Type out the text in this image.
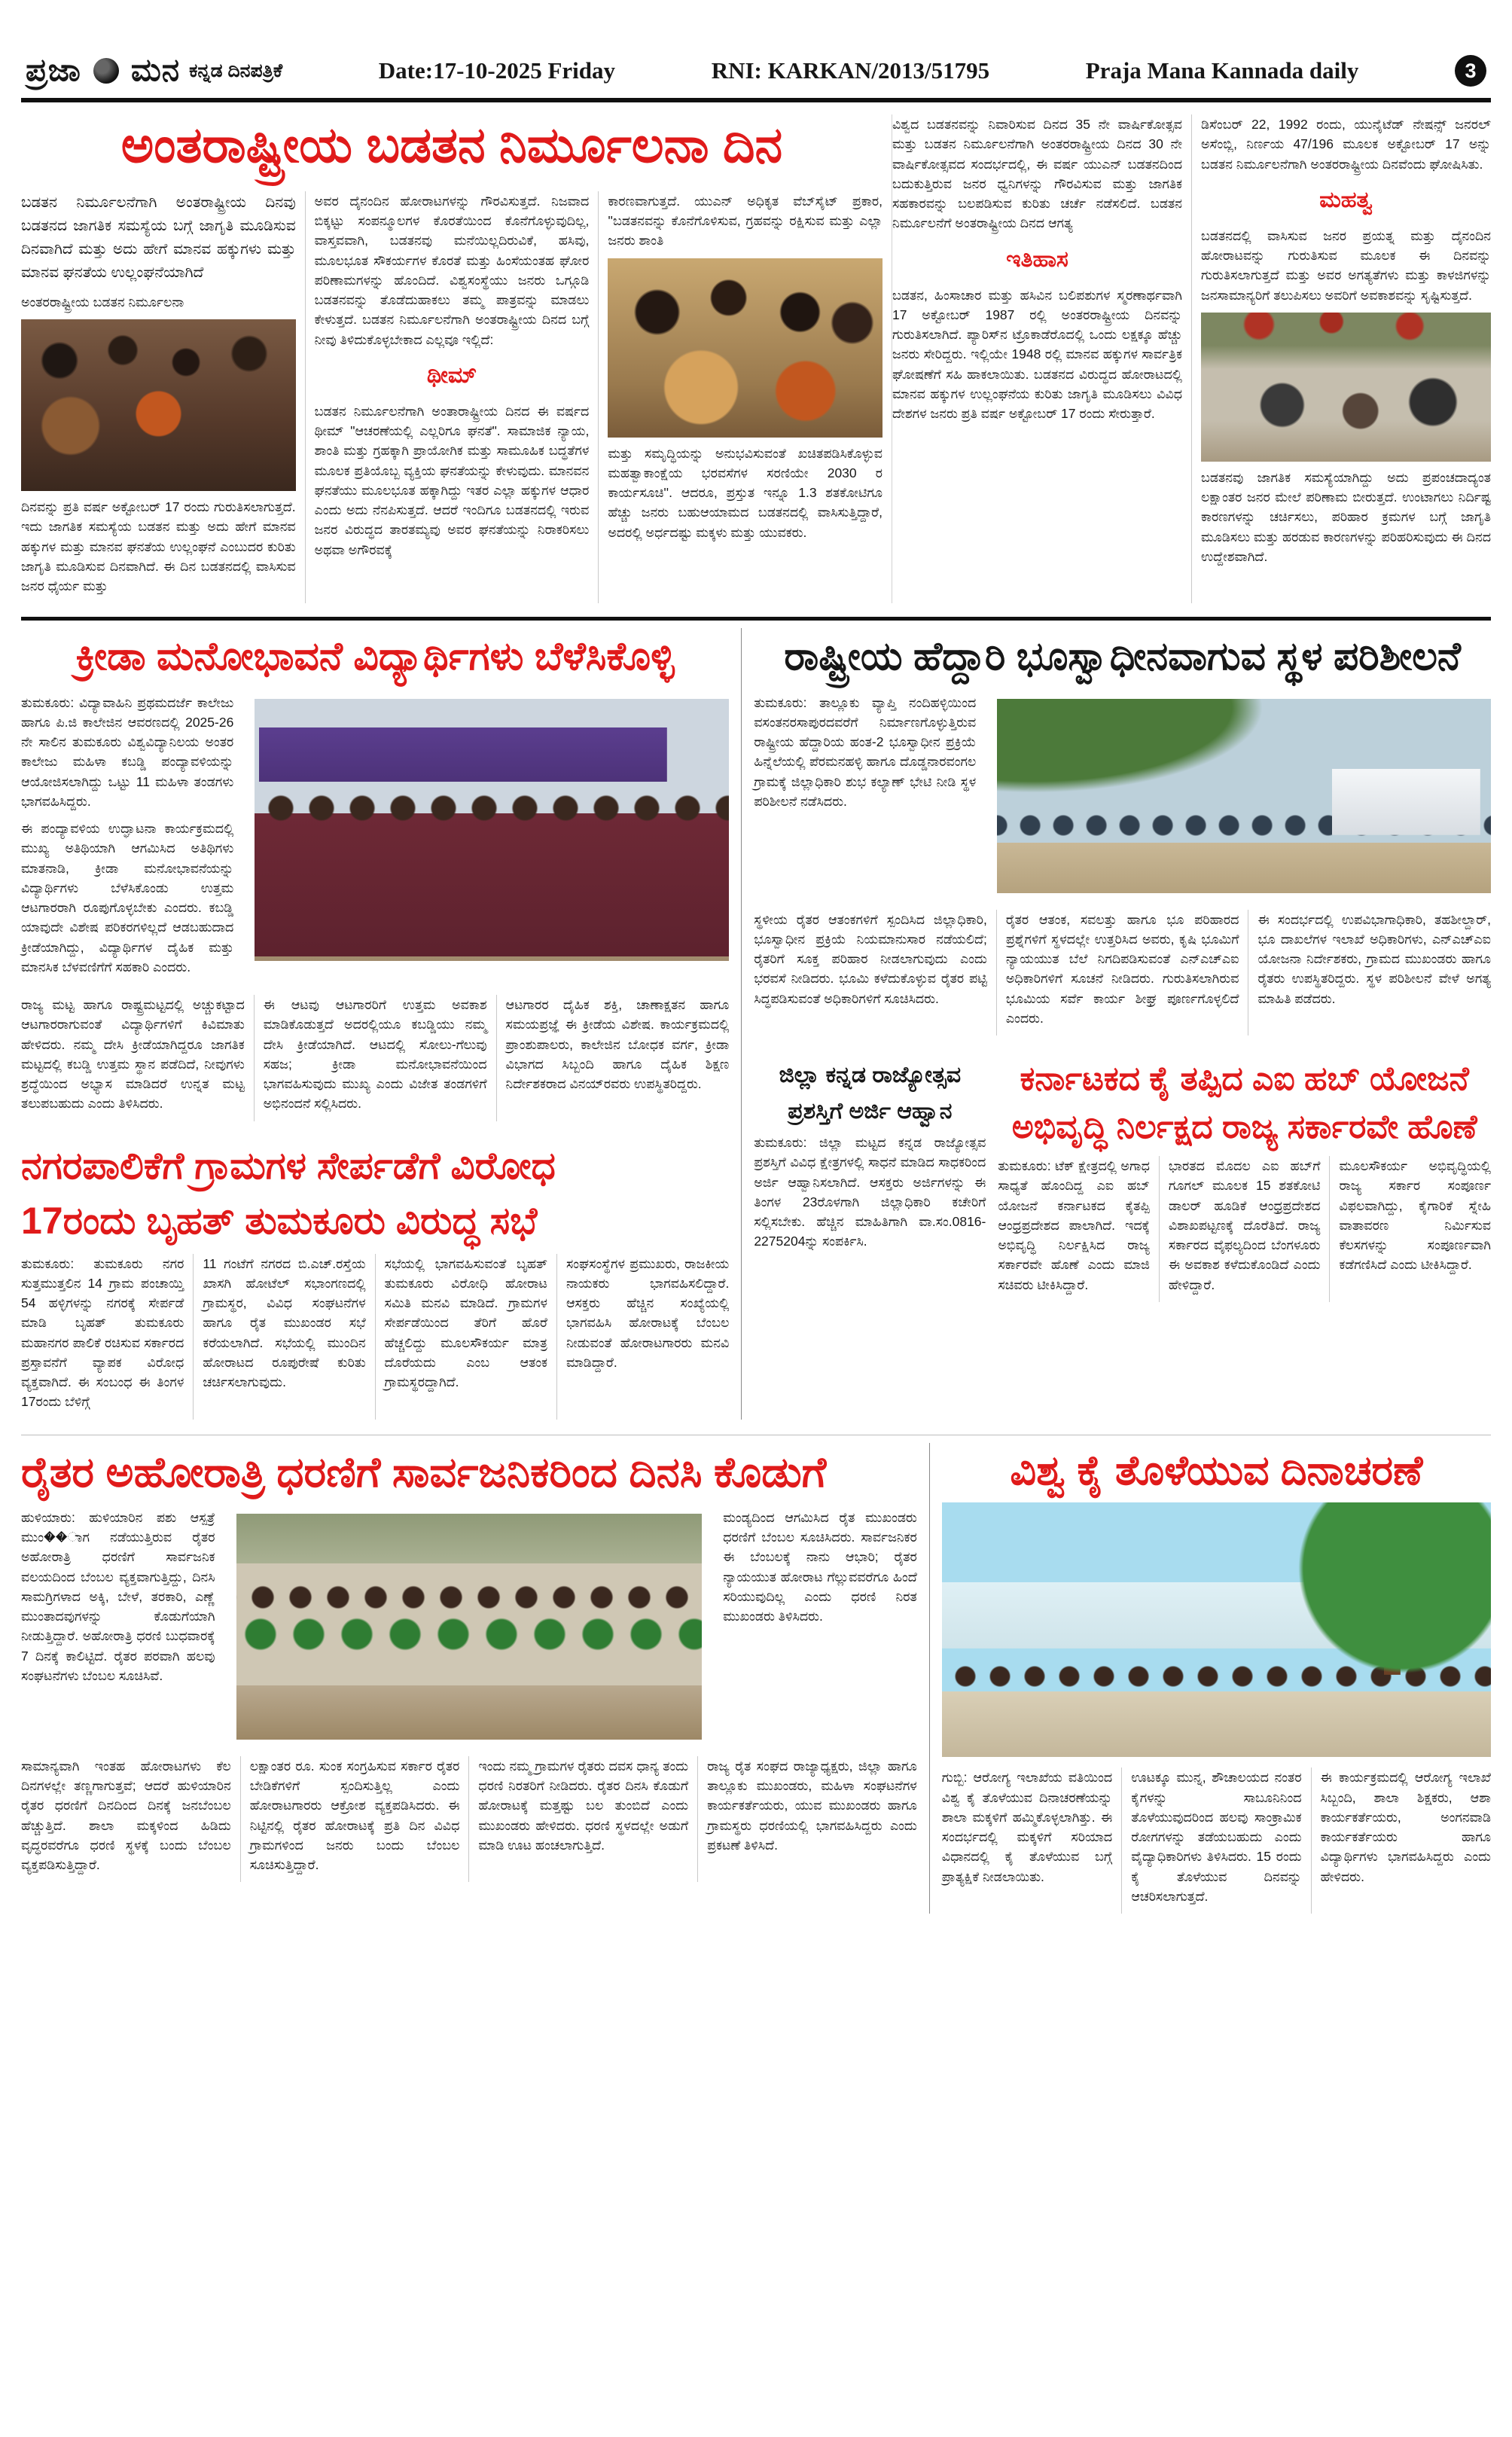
ಪ್ರಜಾ ಮನ ಕನ್ನಡ ದಿನಪತ್ರಿಕೆ	Date:17-10-2025 Friday	RNI: KARKAN/2013/51795	Praja Mana Kannada daily	3
ಅಂತರಾಷ್ಟ್ರೀಯ ಬಡತನ ನಿರ್ಮೂಲನಾ ದಿನ

ಬಡತನ ನಿರ್ಮೂಲನೆಗಾಗಿ ಅಂತರಾಷ್ಟ್ರೀಯ ದಿನವು ಬಡತನದ ಜಾಗತಿಕ ಸಮಸ್ಯೆಯ ಬಗ್ಗೆ ಜಾಗೃತಿ ಮೂಡಿಸುವ ದಿನವಾಗಿದೆ ಮತ್ತು ಅದು ಹೇಗೆ ಮಾನವ ಹಕ್ಕುಗಳು ಮತ್ತು ಮಾನವ ಘನತೆಯ ಉಲ್ಲಂಘನೆಯಾಗಿದೆ

ಅಂತರರಾಷ್ಟ್ರೀಯ ಬಡತನ ನಿರ್ಮೂಲನಾ

ದಿನವನ್ನು ಪ್ರತಿ ವರ್ಷ ಅಕ್ಟೋಬರ್ 17 ರಂದು ಗುರುತಿಸಲಾಗುತ್ತದೆ. ಇದು ಜಾಗತಿಕ ಸಮಸ್ಯೆಯ ಬಡತನ ಮತ್ತು ಅದು ಹೇಗೆ ಮಾನವ ಹಕ್ಕುಗಳ ಮತ್ತು ಮಾನವ ಘನತೆಯ ಉಲ್ಲಂಘನೆ ಎಂಬುದರ ಕುರಿತು ಜಾಗೃತಿ ಮೂಡಿಸುವ ದಿನವಾಗಿದೆ. ಈ ದಿನ ಬಡತನದಲ್ಲಿ ವಾಸಿಸುವ ಜನರ ಧೈರ್ಯ ಮತ್ತು

ಅವರ ದೈನಂದಿನ ಹೋರಾಟಗಳನ್ನು ಗೌರವಿಸುತ್ತದೆ. ನಿಜವಾದ ಬಿಕ್ಕಟ್ಟು ಸಂಪನ್ಮೂಲಗಳ ಕೊರತೆಯಿಂದ ಕೊನೆಗೊಳ್ಳುವುದಿಲ್ಲ, ವಾಸ್ತವವಾಗಿ, ಬಡತನವು ಮನೆಯಿಲ್ಲದಿರುವಿಕೆ, ಹಸಿವು, ಮೂಲಭೂತ ಸೌಕರ್ಯಗಳ ಕೊರತೆ ಮತ್ತು ಹಿಂಸೆಯಂತಹ ಘೋರ ಪರಿಣಾಮಗಳನ್ನು ಹೊಂದಿದೆ. ವಿಶ್ವಸಂಸ್ಥೆಯು ಜನರು ಒಗ್ಗೂಡಿ ಬಡತನವನ್ನು ತೊಡೆದುಹಾಕಲು ತಮ್ಮ ಪಾತ್ರವನ್ನು ಮಾಡಲು ಕೇಳುತ್ತದೆ. ಬಡತನ ನಿರ್ಮೂಲನೆಗಾಗಿ ಅಂತರಾಷ್ಟ್ರೀಯ ದಿನದ ಬಗ್ಗೆ ನೀವು ತಿಳಿದುಕೊಳ್ಳಬೇಕಾದ ಎಲ್ಲವೂ ಇಲ್ಲಿದೆ:

ಥೀಮ್

ಬಡತನ ನಿರ್ಮೂಲನೆಗಾಗಿ ಅಂತಾರಾಷ್ಟ್ರೀಯ ದಿನದ ಈ ವರ್ಷದ ಥೀಮ್ "ಆಚರಣೆಯಲ್ಲಿ ಎಲ್ಲರಿಗೂ ಘನತೆ". ಸಾಮಾಜಿಕ ನ್ಯಾಯ, ಶಾಂತಿ ಮತ್ತು ಗ್ರಹಕ್ಕಾಗಿ ಪ್ರಾಯೋಗಿಕ ಮತ್ತು ಸಾಮೂಹಿಕ ಬದ್ಧತೆಗಳ ಮೂಲಕ ಪ್ರತಿಯೊಬ್ಬ ವ್ಯಕ್ತಿಯ ಘನತೆಯನ್ನು ಕೇಳುವುದು. ಮಾನವನ ಘನತೆಯು ಮೂಲಭೂತ ಹಕ್ಕಾಗಿದ್ದು ಇತರ ಎಲ್ಲಾ ಹಕ್ಕುಗಳ ಆಧಾರ ಎಂದು ಅದು ನೆನಪಿಸುತ್ತದೆ. ಆದರೆ ಇಂದಿಗೂ ಬಡತನದಲ್ಲಿ ಇರುವ ಜನರ ವಿರುದ್ಧದ ತಾರತಮ್ಯವು ಅವರ ಘನತೆಯನ್ನು ನಿರಾಕರಿಸಲು ಅಥವಾ ಅಗೌರವಕ್ಕೆ

ಕಾರಣವಾಗುತ್ತದೆ. ಯುಎನ್ ಅಧಿಕೃತ ವೆಬ್‌ಸೈಟ್ ಪ್ರಕಾರ, ''ಬಡತನವನ್ನು ಕೊನೆಗೊಳಿಸುವ, ಗ್ರಹವನ್ನು ರಕ್ಷಿಸುವ ಮತ್ತು ಎಲ್ಲಾ ಜನರು ಶಾಂತಿ

ಮತ್ತು ಸಮೃದ್ಧಿಯನ್ನು ಅನುಭವಿಸುವಂತೆ ಖಚಿತಪಡಿಸಿಕೊಳ್ಳುವ ಮಹತ್ವಾಕಾಂಕ್ಷೆಯ ಭರವಸೆಗಳ ಸರಣಿಯೇ 2030 ರ ಕಾರ್ಯಸೂಚಿ''. ಆದರೂ, ಪ್ರಸ್ತುತ ಇನ್ನೂ 1.3 ಶತಕೋಟಿಗೂ ಹೆಚ್ಚು ಜನರು ಬಹುಆಯಾಮದ ಬಡತನದಲ್ಲಿ ವಾಸಿಸುತ್ತಿದ್ದಾರೆ, ಅದರಲ್ಲಿ ಅರ್ಧದಷ್ಟು ಮಕ್ಕಳು ಮತ್ತು ಯುವಕರು.

ವಿಶ್ವದ ಬಡತನವನ್ನು ನಿವಾರಿಸುವ ದಿನದ 35 ನೇ ವಾರ್ಷಿಕೋತ್ಸವ ಮತ್ತು ಬಡತನ ನಿರ್ಮೂಲನೆಗಾಗಿ ಅಂತರರಾಷ್ಟ್ರೀಯ ದಿನದ 30 ನೇ ವಾರ್ಷಿಕೋತ್ಸವದ ಸಂದರ್ಭದಲ್ಲಿ, ಈ ವರ್ಷ ಯುಎನ್ ಬಡತನದಿಂದ ಬದುಕುತ್ತಿರುವ ಜನರ ಧ್ವನಿಗಳನ್ನು ಗೌರವಿಸುವ ಮತ್ತು ಜಾಗತಿಕ ಸಹಕಾರವನ್ನು ಬಲಪಡಿಸುವ ಕುರಿತು ಚರ್ಚೆ ನಡೆಸಲಿದೆ. ಬಡತನ ನಿರ್ಮೂಲನೆಗೆ ಅಂತರಾಷ್ಟ್ರೀಯ ದಿನದ ಆಗತ್ಯ

ಇತಿಹಾಸ

ಬಡತನ, ಹಿಂಸಾಚಾರ ಮತ್ತು ಹಸಿವಿನ ಬಲಿಪಶುಗಳ ಸ್ಮರಣಾರ್ಥವಾಗಿ 17 ಅಕ್ಟೋಬರ್ 1987 ರಲ್ಲಿ ಅಂತರರಾಷ್ಟ್ರೀಯ ದಿನವನ್ನು ಗುರುತಿಸಲಾಗಿದೆ. ಪ್ಯಾರಿಸ್‌ನ ಟ್ರೊಕಾಡೆರೊದಲ್ಲಿ ಒಂದು ಲಕ್ಷಕ್ಕೂ ಹೆಚ್ಚು ಜನರು ಸೇರಿದ್ದರು. ಇಲ್ಲಿಯೇ 1948 ರಲ್ಲಿ ಮಾನವ ಹಕ್ಕುಗಳ ಸಾರ್ವತ್ರಿಕ ಘೋಷಣೆಗೆ ಸಹಿ ಹಾಕಲಾಯಿತು. ಬಡತನದ ವಿರುದ್ಧದ ಹೋರಾಟದಲ್ಲಿ ಮಾನವ ಹಕ್ಕುಗಳ ಉಲ್ಲಂಘನೆಯ ಕುರಿತು ಜಾಗೃತಿ ಮೂಡಿಸಲು ವಿವಿಧ ದೇಶಗಳ ಜನರು ಪ್ರತಿ ವರ್ಷ ಅಕ್ಟೋಬರ್ 17 ರಂದು ಸೇರುತ್ತಾರೆ.

ಡಿಸೆಂಬರ್ 22, 1992 ರಂದು, ಯುನೈಟೆಡ್ ನೇಷನ್ಸ್ ಜನರಲ್ ಅಸೆಂಬ್ಲಿ, ನಿರ್ಣಯ 47/196 ಮೂಲಕ ಅಕ್ಟೋಬರ್ 17 ಅನ್ನು ಬಡತನ ನಿರ್ಮೂಲನೆಗಾಗಿ ಅಂತರರಾಷ್ಟ್ರೀಯ ದಿನವೆಂದು ಘೋಷಿಸಿತು.

ಮಹತ್ವ

ಬಡತನದಲ್ಲಿ ವಾಸಿಸುವ ಜನರ ಪ್ರಯತ್ನ ಮತ್ತು ದೈನಂದಿನ ಹೋರಾಟವನ್ನು ಗುರುತಿಸುವ ಮೂಲಕ ಈ ದಿನವನ್ನು ಗುರುತಿಸಲಾಗುತ್ತದೆ ಮತ್ತು ಅವರ ಅಗತ್ಯತೆಗಳು ಮತ್ತು ಕಾಳಜಿಗಳನ್ನು ಜನಸಾಮಾನ್ಯರಿಗೆ ತಲುಪಿಸಲು ಅವರಿಗೆ ಅವಕಾಶವನ್ನು ಸೃಷ್ಟಿಸುತ್ತದೆ.

ಬಡತನವು ಜಾಗತಿಕ ಸಮಸ್ಯೆಯಾಗಿದ್ದು ಅದು ಪ್ರಪಂಚದಾದ್ಯಂತ ಲಕ್ಷಾಂತರ ಜನರ ಮೇಲೆ ಪರಿಣಾಮ ಬೀರುತ್ತದೆ. ಉಂಟಾಗಲು ನಿರ್ದಿಷ್ಟ ಕಾರಣಗಳನ್ನು ಚರ್ಚಿಸಲು, ಪರಿಹಾರ ಕ್ರಮಗಳ ಬಗ್ಗೆ ಜಾಗೃತಿ ಮೂಡಿಸಲು ಮತ್ತು ಹರಡುವ ಕಾರಣಗಳನ್ನು ಪರಿಹರಿಸುವುದು ಈ ದಿನದ ಉದ್ದೇಶವಾಗಿದೆ.

ಕ್ರೀಡಾ ಮನೋಭಾವನೆ ವಿದ್ಯಾರ್ಥಿಗಳು ಬೆಳೆಸಿಕೊಳ್ಳಿ

ತುಮಕೂರು: ವಿದ್ಯಾವಾಹಿನಿ ಪ್ರಥಮದರ್ಜೆ ಕಾಲೇಜು ಹಾಗೂ ಪಿ.ಜಿ ಕಾಲೇಜಿನ ಆವರಣದಲ್ಲಿ 2025-26 ನೇ ಸಾಲಿನ ತುಮಕೂರು ವಿಶ್ವವಿದ್ಯಾನಿಲಯ ಅಂತರ ಕಾಲೇಜು ಮಹಿಳಾ ಕಬಡ್ಡಿ ಪಂದ್ಯಾವಳಿಯನ್ನು ಆಯೋಜಿಸಲಾಗಿದ್ದು ಒಟ್ಟು 11 ಮಹಿಳಾ ತಂಡಗಳು ಭಾಗವಹಿಸಿದ್ದರು.

ಈ ಪಂದ್ಯಾವಳಿಯ ಉದ್ಘಾಟನಾ ಕಾರ್ಯಕ್ರಮದಲ್ಲಿ ಮುಖ್ಯ ಅತಿಥಿಯಾಗಿ ಆಗಮಿಸಿದ ಅತಿಥಿಗಳು ಮಾತನಾಡಿ, ಕ್ರೀಡಾ ಮನೋಭಾವನೆಯನ್ನು ವಿದ್ಯಾರ್ಥಿಗಳು ಬೆಳೆಸಿಕೊಂಡು ಉತ್ತಮ ಆಟಗಾರರಾಗಿ ರೂಪುಗೊಳ್ಳಬೇಕು ಎಂದರು. ಕಬಡ್ಡಿ ಯಾವುದೇ ವಿಶೇಷ ಪರಿಕರಗಳಿಲ್ಲದೆ ಆಡಬಹುದಾದ ಕ್ರೀಡೆಯಾಗಿದ್ದು, ವಿದ್ಯಾರ್ಥಿಗಳ ದೈಹಿಕ ಮತ್ತು ಮಾನಸಿಕ ಬೆಳವಣಿಗೆಗೆ ಸಹಕಾರಿ ಎಂದರು.

ರಾಜ್ಯ ಮಟ್ಟ ಹಾಗೂ ರಾಷ್ಟ್ರಮಟ್ಟದಲ್ಲಿ ಅಚ್ಚುಕಟ್ಟಾದ ಆಟಗಾರರಾಗುವಂತೆ ವಿದ್ಯಾರ್ಥಿಗಳಿಗೆ ಕಿವಿಮಾತು ಹೇಳಿದರು. ನಮ್ಮ ದೇಸಿ ಕ್ರೀಡೆಯಾಗಿದ್ದರೂ ಜಾಗತಿಕ ಮಟ್ಟದಲ್ಲಿ ಕಬಡ್ಡಿ ಉತ್ತಮ ಸ್ಥಾನ ಪಡೆದಿದೆ, ನೀವುಗಳು ಶ್ರದ್ಧೆಯಿಂದ ಅಭ್ಯಾಸ ಮಾಡಿದರೆ ಉನ್ನತ ಮಟ್ಟ ತಲುಪಬಹುದು ಎಂದು ತಿಳಿಸಿದರು.

ಈ ಆಟವು ಆಟಗಾರರಿಗೆ ಉತ್ತಮ ಅವಕಾಶ ಮಾಡಿಕೊಡುತ್ತದೆ ಅದರಲ್ಲಿಯೂ ಕಬಡ್ಡಿಯು ನಮ್ಮ ದೇಸಿ ಕ್ರೀಡೆಯಾಗಿದೆ. ಆಟದಲ್ಲಿ ಸೋಲು-ಗೆಲುವು ಸಹಜ; ಕ್ರೀಡಾ ಮನೋಭಾವನೆಯಿಂದ ಭಾಗವಹಿಸುವುದು ಮುಖ್ಯ ಎಂದು ವಿಜೇತ ತಂಡಗಳಿಗೆ ಅಭಿನಂದನೆ ಸಲ್ಲಿಸಿದರು.

ಆಟಗಾರರ ದೈಹಿಕ ಶಕ್ತಿ, ಚಾಣಾಕ್ಷತನ ಹಾಗೂ ಸಮಯಪ್ರಜ್ಞೆ ಈ ಕ್ರೀಡೆಯ ವಿಶೇಷ. ಕಾರ್ಯಕ್ರಮದಲ್ಲಿ ಪ್ರಾಂಶುಪಾಲರು, ಕಾಲೇಜಿನ ಬೋಧಕ ವರ್ಗ, ಕ್ರೀಡಾ ವಿಭಾಗದ ಸಿಬ್ಬಂದಿ ಹಾಗೂ ದೈಹಿಕ ಶಿಕ್ಷಣ ನಿರ್ದೇಶಕರಾದ ವಿನಯ್‌ರವರು ಉಪಸ್ಥಿತರಿದ್ದರು.

ನಗರಪಾಲಿಕೆಗೆ ಗ್ರಾಮಗಳ ಸೇರ್ಪಡೆಗೆ ವಿರೋಧ
17ರಂದು ಬೃಹತ್ ತುಮಕೂರು ವಿರುದ್ಧ ಸಭೆ

ತುಮಕೂರು: ತುಮಕೂರು ನಗರ ಸುತ್ತಮುತ್ತಲಿನ 14 ಗ್ರಾಮ ಪಂಚಾಯ್ತಿ 54 ಹಳ್ಳಿಗಳನ್ನು ನಗರಕ್ಕೆ ಸೇರ್ಪಡೆ ಮಾಡಿ ಬೃಹತ್ ತುಮಕೂರು ಮಹಾನಗರ ಪಾಲಿಕೆ ರಚಿಸುವ ಸರ್ಕಾರದ ಪ್ರಸ್ತಾವನೆಗೆ ವ್ಯಾಪಕ ವಿರೋಧ ವ್ಯಕ್ತವಾಗಿದೆ. ಈ ಸಂಬಂಧ ಈ ತಿಂಗಳ 17ರಂದು ಬೆಳಿಗ್ಗೆ

11 ಗಂಟೆಗೆ ನಗರದ ಬಿ.ಎಚ್.ರಸ್ತೆಯ ಖಾಸಗಿ ಹೋಟೆಲ್ ಸಭಾಂಗಣದಲ್ಲಿ ಗ್ರಾಮಸ್ಥರ, ವಿವಿಧ ಸಂಘಟನೆಗಳ ಹಾಗೂ ರೈತ ಮುಖಂಡರ ಸಭೆ ಕರೆಯಲಾಗಿದೆ. ಸಭೆಯಲ್ಲಿ ಮುಂದಿನ ಹೋರಾಟದ ರೂಪುರೇಷೆ ಕುರಿತು ಚರ್ಚಿಸಲಾಗುವುದು.

ಸಭೆಯಲ್ಲಿ ಭಾಗವಹಿಸುವಂತೆ ಬೃಹತ್ ತುಮಕೂರು ವಿರೋಧಿ ಹೋರಾಟ ಸಮಿತಿ ಮನವಿ ಮಾಡಿದೆ. ಗ್ರಾಮಗಳ ಸೇರ್ಪಡೆಯಿಂದ ತೆರಿಗೆ ಹೊರೆ ಹೆಚ್ಚಲಿದ್ದು ಮೂಲಸೌಕರ್ಯ ಮಾತ್ರ ದೊರೆಯದು ಎಂಬ ಆತಂಕ ಗ್ರಾಮಸ್ಥರದ್ದಾಗಿದೆ.

ಸಂಘಸಂಸ್ಥೆಗಳ ಪ್ರಮುಖರು, ರಾಜಕೀಯ ನಾಯಕರು ಭಾಗವಹಿಸಲಿದ್ದಾರೆ. ಆಸಕ್ತರು ಹೆಚ್ಚಿನ ಸಂಖ್ಯೆಯಲ್ಲಿ ಭಾಗವಹಿಸಿ ಹೋರಾಟಕ್ಕೆ ಬೆಂಬಲ ನೀಡುವಂತೆ ಹೋರಾಟಗಾರರು ಮನವಿ ಮಾಡಿದ್ದಾರೆ.

ರಾಷ್ಟ್ರೀಯ ಹೆದ್ದಾರಿ ಭೂಸ್ವಾಧೀನವಾಗುವ ಸ್ಥಳ ಪರಿಶೀಲನೆ

ತುಮಕೂರು: ತಾಲ್ಲೂಕು ವ್ಯಾಪ್ತಿ ನಂದಿಹಳ್ಳಿಯಿಂದ ವಸಂತನರಸಾಪುರದವರೆಗೆ ನಿರ್ಮಾಣಗೊಳ್ಳುತ್ತಿರುವ ರಾಷ್ಟ್ರೀಯ ಹೆದ್ದಾರಿಯ ಹಂತ-2 ಭೂಸ್ವಾಧೀನ ಪ್ರಕ್ರಿಯೆ ಹಿನ್ನೆಲೆಯಲ್ಲಿ ಪೆರಮನಹಳ್ಳಿ ಹಾಗೂ ದೊಡ್ಡನಾರವಂಗಲ ಗ್ರಾಮಕ್ಕೆ ಜಿಲ್ಲಾಧಿಕಾರಿ ಶುಭ ಕಲ್ಯಾಣ್ ಭೇಟಿ ನೀಡಿ ಸ್ಥಳ ಪರಿಶೀಲನೆ ನಡೆಸಿದರು.

ಸ್ಥಳೀಯ ರೈತರ ಆತಂಕಗಳಿಗೆ ಸ್ಪಂದಿಸಿದ ಜಿಲ್ಲಾಧಿಕಾರಿ, ಭೂಸ್ವಾಧೀನ ಪ್ರಕ್ರಿಯೆ ನಿಯಮಾನುಸಾರ ನಡೆಯಲಿದೆ; ರೈತರಿಗೆ ಸೂಕ್ತ ಪರಿಹಾರ ನೀಡಲಾಗುವುದು ಎಂದು ಭರವಸೆ ನೀಡಿದರು. ಭೂಮಿ ಕಳೆದುಕೊಳ್ಳುವ ರೈತರ ಪಟ್ಟಿ ಸಿದ್ಧಪಡಿಸುವಂತೆ ಅಧಿಕಾರಿಗಳಿಗೆ ಸೂಚಿಸಿದರು.

ರೈತರ ಆತಂಕ, ಸವಲತ್ತು ಹಾಗೂ ಭೂ ಪರಿಹಾರದ ಪ್ರಶ್ನೆಗಳಿಗೆ ಸ್ಥಳದಲ್ಲೇ ಉತ್ತರಿಸಿದ ಅವರು, ಕೃಷಿ ಭೂಮಿಗೆ ನ್ಯಾಯಯುತ ಬೆಲೆ ನಿಗದಿಪಡಿಸುವಂತೆ ಎನ್‌ಎಚ್‌ಎಐ ಅಧಿಕಾರಿಗಳಿಗೆ ಸೂಚನೆ ನೀಡಿದರು. ಗುರುತಿಸಲಾಗಿರುವ ಭೂಮಿಯ ಸರ್ವೆ ಕಾರ್ಯ ಶೀಘ್ರ ಪೂರ್ಣಗೊಳ್ಳಲಿದೆ ಎಂದರು.

ಈ ಸಂದರ್ಭದಲ್ಲಿ ಉಪವಿಭಾಗಾಧಿಕಾರಿ, ತಹಶೀಲ್ದಾರ್, ಭೂ ದಾಖಲೆಗಳ ಇಲಾಖೆ ಅಧಿಕಾರಿಗಳು, ಎನ್‌ಎಚ್‌ಎಐ ಯೋಜನಾ ನಿರ್ದೇಶಕರು, ಗ್ರಾಮದ ಮುಖಂಡರು ಹಾಗೂ ರೈತರು ಉಪಸ್ಥಿತರಿದ್ದರು. ಸ್ಥಳ ಪರಿಶೀಲನೆ ವೇಳೆ ಅಗತ್ಯ ಮಾಹಿತಿ ಪಡೆದರು.

ಜಿಲ್ಲಾ ಕನ್ನಡ ರಾಜ್ಯೋತ್ಸವ
ಪ್ರಶಸ್ತಿಗೆ ಅರ್ಜಿ ಆಹ್ವಾನ

ತುಮಕೂರು: ಜಿಲ್ಲಾ ಮಟ್ಟದ ಕನ್ನಡ ರಾಜ್ಯೋತ್ಸವ ಪ್ರಶಸ್ತಿಗೆ ವಿವಿಧ ಕ್ಷೇತ್ರಗಳಲ್ಲಿ ಸಾಧನೆ ಮಾಡಿದ ಸಾಧಕರಿಂದ ಅರ್ಜಿ ಆಹ್ವಾನಿಸಲಾಗಿದೆ. ಆಸಕ್ತರು ಅರ್ಜಿಗಳನ್ನು ಈ ತಿಂಗಳ 23ರೊಳಗಾಗಿ ಜಿಲ್ಲಾಧಿಕಾರಿ ಕಚೇರಿಗೆ ಸಲ್ಲಿಸಬೇಕು. ಹೆಚ್ಚಿನ ಮಾಹಿತಿಗಾಗಿ ವಾ.ಸಂ.0816-2275204ನ್ನು ಸಂಪರ್ಕಿಸಿ.

ಕರ್ನಾಟಕದ ಕೈ ತಪ್ಪಿದ ಎಐ ಹಬ್ ಯೋಜನೆ
ಅಭಿವೃದ್ಧಿ ನಿರ್ಲಕ್ಷದ ರಾಜ್ಯ ಸರ್ಕಾರವೇ ಹೊಣೆ

ತುಮಕೂರು: ಟೆಕ್ ಕ್ಷೇತ್ರದಲ್ಲಿ ಅಗಾಧ ಸಾಧ್ಯತೆ ಹೊಂದಿದ್ದ ಎಐ ಹಬ್ ಯೋಜನೆ ಕರ್ನಾಟಕದ ಕೈತಪ್ಪಿ ಆಂಧ್ರಪ್ರದೇಶದ ಪಾಲಾಗಿದೆ. ಇದಕ್ಕೆ ಅಭಿವೃದ್ಧಿ ನಿರ್ಲಕ್ಷಿಸಿದ ರಾಜ್ಯ ಸರ್ಕಾರವೇ ಹೊಣೆ ಎಂದು ಮಾಜಿ ಸಚಿವರು ಟೀಕಿಸಿದ್ದಾರೆ.

ಭಾರತದ ಮೊದಲ ಎಐ ಹಬ್‌ಗೆ ಗೂಗಲ್ ಮೂಲಕ 15 ಶತಕೋಟಿ ಡಾಲರ್ ಹೂಡಿಕೆ ಆಂಧ್ರಪ್ರದೇಶದ ವಿಶಾಖಪಟ್ಟಣಕ್ಕೆ ದೊರೆತಿದೆ. ರಾಜ್ಯ ಸರ್ಕಾರದ ವೈಫಲ್ಯದಿಂದ ಬೆಂಗಳೂರು ಈ ಅವಕಾಶ ಕಳೆದುಕೊಂಡಿದೆ ಎಂದು ಹೇಳಿದ್ದಾರೆ.

ಮೂಲಸೌಕರ್ಯ ಅಭಿವೃದ್ಧಿಯಲ್ಲಿ ರಾಜ್ಯ ಸರ್ಕಾರ ಸಂಪೂರ್ಣ ವಿಫಲವಾಗಿದ್ದು, ಕೈಗಾರಿಕೆ ಸ್ನೇಹಿ ವಾತಾವರಣ ನಿರ್ಮಿಸುವ ಕೆಲಸಗಳನ್ನು ಸಂಪೂರ್ಣವಾಗಿ ಕಡೆಗಣಿಸಿದೆ ಎಂದು ಟೀಕಿಸಿದ್ದಾರೆ.

ರೈತರ ಅಹೋರಾತ್ರಿ ಧರಣಿಗೆ ಸಾರ್ವಜನಿಕರಿಂದ ದಿನಸಿ ಕೊಡುಗೆ

ಹುಳಿಯಾರು: ಹುಳಿಯಾರಿನ ಪಶು ಆಸ್ಪತ್ರೆ ಮುಂ��ಾಗ ನಡೆಯುತ್ತಿರುವ ರೈತರ ಅಹೋರಾತ್ರಿ ಧರಣಿಗೆ ಸಾರ್ವಜನಿಕ ವಲಯದಿಂದ ಬೆಂಬಲ ವ್ಯಕ್ತವಾಗುತ್ತಿದ್ದು, ದಿನಸಿ ಸಾಮಗ್ರಿಗಳಾದ ಅಕ್ಕಿ, ಬೇಳೆ, ತರಕಾರಿ, ಎಣ್ಣೆ ಮುಂತಾದವುಗಳನ್ನು ಕೊಡುಗೆಯಾಗಿ ನೀಡುತ್ತಿದ್ದಾರೆ. ಅಹೋರಾತ್ರಿ ಧರಣಿ ಬುಧವಾರಕ್ಕೆ 7 ದಿನಕ್ಕೆ ಕಾಲಿಟ್ಟಿದೆ. ರೈತರ ಪರವಾಗಿ ಹಲವು ಸಂಘಟನೆಗಳು ಬೆಂಬಲ ಸೂಚಿಸಿವೆ.

ಮಂಡ್ಯದಿಂದ ಆಗಮಿಸಿದ ರೈತ ಮುಖಂಡರು ಧರಣಿಗೆ ಬೆಂಬಲ ಸೂಚಿಸಿದರು. ಸಾರ್ವಜನಿಕರ ಈ ಬೆಂಬಲಕ್ಕೆ ನಾನು ಆಭಾರಿ; ರೈತರ ನ್ಯಾಯಯುತ ಹೋರಾಟ ಗೆಲ್ಲುವವರೆಗೂ ಹಿಂದೆ ಸರಿಯುವುದಿಲ್ಲ ಎಂದು ಧರಣಿ ನಿರತ ಮುಖಂಡರು ತಿಳಿಸಿದರು.

ಸಾಮಾನ್ಯವಾಗಿ ಇಂತಹ ಹೋರಾಟಗಳು ಕೆಲ ದಿನಗಳಲ್ಲೇ ತಣ್ಣಗಾಗುತ್ತವೆ; ಆದರೆ ಹುಳಿಯಾರಿನ ರೈತರ ಧರಣಿಗೆ ದಿನದಿಂದ ದಿನಕ್ಕೆ ಜನಬೆಂಬಲ ಹೆಚ್ಚುತ್ತಿದೆ. ಶಾಲಾ ಮಕ್ಕಳಿಂದ ಹಿಡಿದು ವೃದ್ಧರವರೆಗೂ ಧರಣಿ ಸ್ಥಳಕ್ಕೆ ಬಂದು ಬೆಂಬಲ ವ್ಯಕ್ತಪಡಿಸುತ್ತಿದ್ದಾರೆ.

ಲಕ್ಷಾಂತರ ರೂ. ಸುಂಕ ಸಂಗ್ರಹಿಸುವ ಸರ್ಕಾರ ರೈತರ ಬೇಡಿಕೆಗಳಿಗೆ ಸ್ಪಂದಿಸುತ್ತಿಲ್ಲ ಎಂದು ಹೋರಾಟಗಾರರು ಆಕ್ರೋಶ ವ್ಯಕ್ತಪಡಿಸಿದರು. ಈ ನಿಟ್ಟಿನಲ್ಲಿ ರೈತರ ಹೋರಾಟಕ್ಕೆ ಪ್ರತಿ ದಿನ ವಿವಿಧ ಗ್ರಾಮಗಳಿಂದ ಜನರು ಬಂದು ಬೆಂಬಲ ಸೂಚಿಸುತ್ತಿದ್ದಾರೆ.

ಇಂದು ನಮ್ಮ ಗ್ರಾಮಗಳ ರೈತರು ದವಸ ಧಾನ್ಯ ತಂದು ಧರಣಿ ನಿರತರಿಗೆ ನೀಡಿದರು. ರೈತರ ದಿನಸಿ ಕೊಡುಗೆ ಹೋರಾಟಕ್ಕೆ ಮತ್ತಷ್ಟು ಬಲ ತುಂಬಿದೆ ಎಂದು ಮುಖಂಡರು ಹೇಳಿದರು. ಧರಣಿ ಸ್ಥಳದಲ್ಲೇ ಅಡುಗೆ ಮಾಡಿ ಊಟ ಹಂಚಲಾಗುತ್ತಿದೆ.

ರಾಜ್ಯ ರೈತ ಸಂಘದ ರಾಜ್ಯಾಧ್ಯಕ್ಷರು, ಜಿಲ್ಲಾ ಹಾಗೂ ತಾಲ್ಲೂಕು ಮುಖಂಡರು, ಮಹಿಳಾ ಸಂಘಟನೆಗಳ ಕಾರ್ಯಕರ್ತೆಯರು, ಯುವ ಮುಖಂಡರು ಹಾಗೂ ಗ್ರಾಮಸ್ಥರು ಧರಣಿಯಲ್ಲಿ ಭಾಗವಹಿಸಿದ್ದರು ಎಂದು ಪ್ರಕಟಣೆ ತಿಳಿಸಿದೆ.

ವಿಶ್ವ ಕೈ ತೊಳೆಯುವ ದಿನಾಚರಣೆ

ಗುಬ್ಬಿ: ಆರೋಗ್ಯ ಇಲಾಖೆಯ ವತಿಯಿಂದ ವಿಶ್ವ ಕೈ ತೊಳೆಯುವ ದಿನಾಚರಣೆಯನ್ನು ಶಾಲಾ ಮಕ್ಕಳಿಗೆ ಹಮ್ಮಿಕೊಳ್ಳಲಾಗಿತ್ತು. ಈ ಸಂದರ್ಭದಲ್ಲಿ ಮಕ್ಕಳಿಗೆ ಸರಿಯಾದ ವಿಧಾನದಲ್ಲಿ ಕೈ ತೊಳೆಯುವ ಬಗ್ಗೆ ಪ್ರಾತ್ಯಕ್ಷಿಕೆ ನೀಡಲಾಯಿತು.

ಊಟಕ್ಕೂ ಮುನ್ನ, ಶೌಚಾಲಯದ ನಂತರ ಕೈಗಳನ್ನು ಸಾಬೂನಿನಿಂದ ತೊಳೆಯುವುದರಿಂದ ಹಲವು ಸಾಂಕ್ರಾಮಿಕ ರೋಗಗಳನ್ನು ತಡೆಯಬಹುದು ಎಂದು ವೈದ್ಯಾಧಿಕಾರಿಗಳು ತಿಳಿಸಿದರು. 15 ರಂದು ಕೈ ತೊಳೆಯುವ ದಿನವನ್ನು ಆಚರಿಸಲಾಗುತ್ತದೆ.

ಈ ಕಾರ್ಯಕ್ರಮದಲ್ಲಿ ಆರೋಗ್ಯ ಇಲಾಖೆ ಸಿಬ್ಬಂದಿ, ಶಾಲಾ ಶಿಕ್ಷಕರು, ಆಶಾ ಕಾರ್ಯಕರ್ತೆಯರು, ಅಂಗನವಾಡಿ ಕಾರ್ಯಕರ್ತೆಯರು ಹಾಗೂ ವಿದ್ಯಾರ್ಥಿಗಳು ಭಾಗವಹಿಸಿದ್ದರು ಎಂದು ಹೇಳಿದರು.
